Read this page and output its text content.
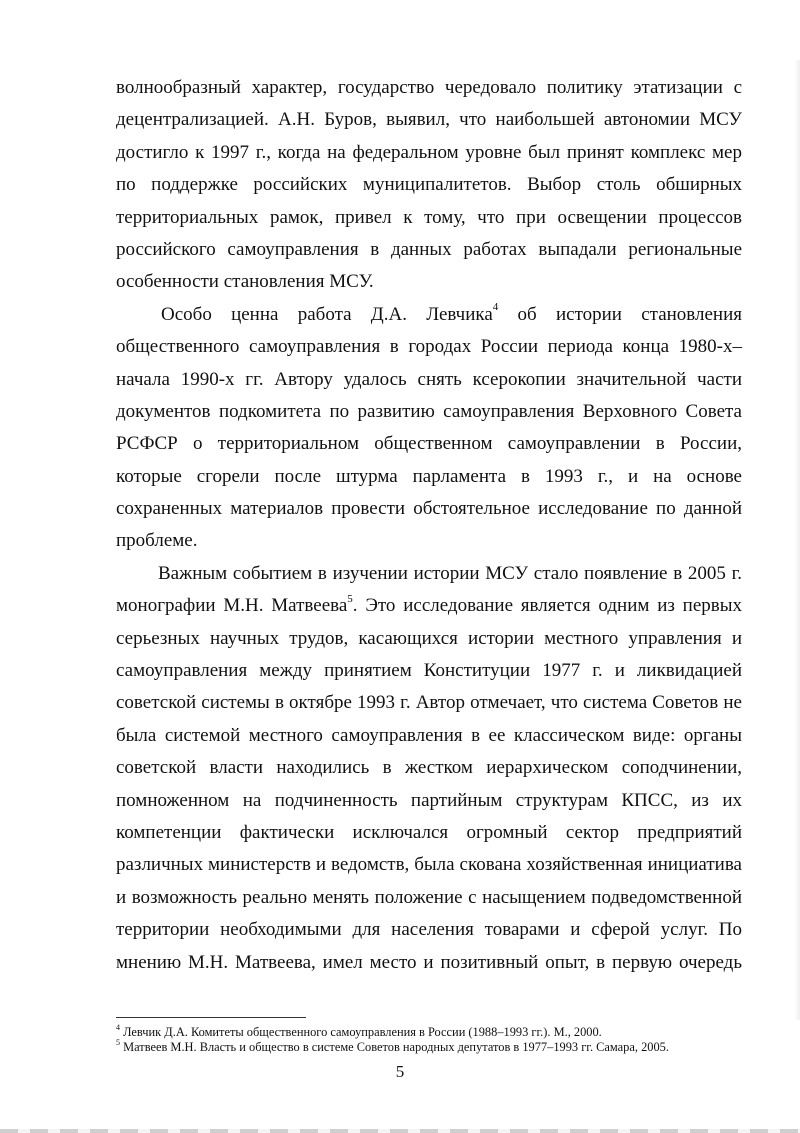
волнообразный характер, государство чередовало политику этатизации с
децентрализацией. А.Н. Буров, выявил, что наибольшей автономии МСУ
достигло к 1997 г., когда на федеральном уровне был принят комплекс мер
по поддержке российских муниципалитетов. Выбор столь обширных
территориальных рамок, привел к тому, что при освещении процессов
российского самоуправления в данных работах выпадали региональные
особенности становления МСУ.
Особо ценна работа Д.А. Левчика$^4$ об истории становления
общественного самоуправления в городах России периода конца 1980-х–
начала 1990-х гг. Автору удалось снять ксерокопии значительной части
документов подкомитета по развитию самоуправления Верховного Совета
РСФСР о территориальном общественном самоуправлении в России,
которые сгорели после штурма парламента в 1993 г., и на основе
сохраненных материалов провести обстоятельное исследование по данной
проблеме.
Важным событием в изучении истории МСУ стало появление в 2005 г.
монографии М.Н. Матвеева$^5$. Это исследование является одним из первых
серьезных научных трудов, касающихся истории местного управления и
самоуправления между принятием Конституции 1977 г. и ликвидацией
советской системы в октябре 1993 г. Автор отмечает, что система Советов не
была системой местного самоуправления в ее классическом виде: органы
советской власти находились в жестком иерархическом соподчинении,
помноженном на подчиненность партийным структурам КПСС, из их
компетенции фактически исключался огромный сектор предприятий
различных министерств и ведомств, была скована хозяйственная инициатива
и возможность реально менять положение с насыщением подведомственной
территории необходимыми для населения товарами и сферой услуг. По
мнению М.Н. Матвеева, имел место и позитивный опыт, в первую очередь
$^4$ Левчик Д.А. Комитеты общественного самоуправления в России (1988–1993 гг.). М., 2000.
$^5$ Матвеев М.Н. Власть и общество в системе Советов народных депутатов в 1977–1993 гг. Самара, 2005.
5
